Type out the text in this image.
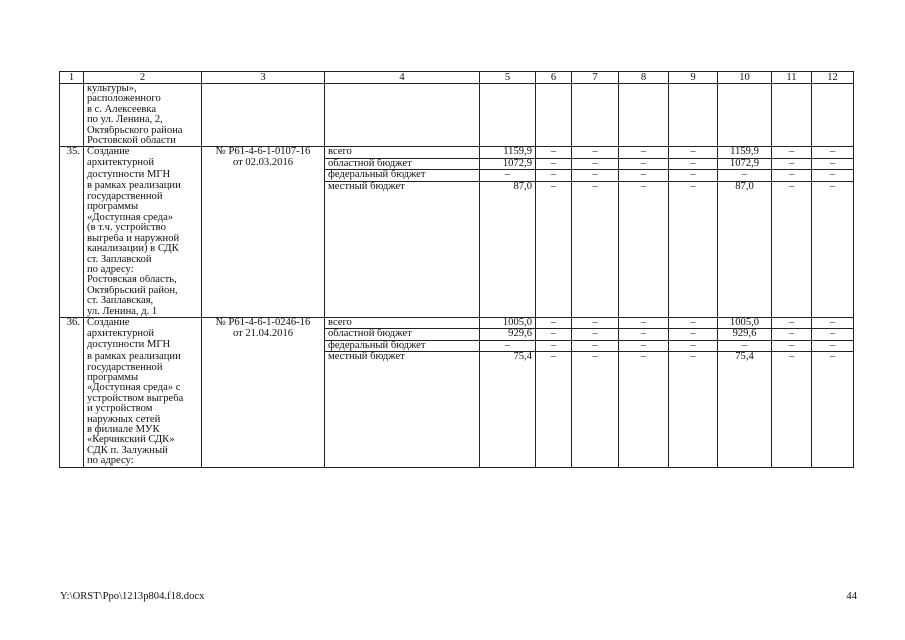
1	2	3	4	5	6	7	8	9	10	11	12
	культуры»,										
	расположенного										
	в с. Алексеевка										
	по ул. Ленина, 2,										
	Октябрьского района										
	Ростовской области										
35.	Создание	№ Р61-4-6-1-0107-16	всего	1159,9	–	–	–	–	1159,9	–	–
	архитектурной	от 02.03.2016	областной бюджет	1072,9	–	–	–	–	1072,9	–	–
	доступности МГН		федеральный бюджет	–	–	–	–	–	–	–	–
	в рамках реализации		местный бюджет	87,0	–	–	–	–	87,0	–	–
	государственной										
	программы										
	«Доступная среда»										
	(в т.ч. устройство										
	выгреба и наружной										
	канализации) в СДК										
	ст. Заплавской										
	по адресу:										
	Ростовская область,										
	Октябрьский район,										
	ст. Заплавская,										
	ул. Ленина, д. 1										
36.	Создание	№ Р61-4-6-1-0246-16	всего	1005,0	–	–	–	–	1005,0	–	–
	архитектурной	от 21.04.2016	областной бюджет	929,6	–	–	–	–	929,6	–	–
	доступности МГН		федеральный бюджет	–	–	–	–	–	–	–	–
	в рамках реализации		местный бюджет	75,4	–	–	–	–	75,4	–	–
	государственной										
	программы										
	«Доступная среда» с										
	устройством выгреба										
	и устройством										
	наружных сетей										
	в филиале МУК										
	«Керчикский СДК»										
	СДК п. Залужный										
	по адресу:										
Y:\ORST\Ppo\1213p804.f18.docx	44
